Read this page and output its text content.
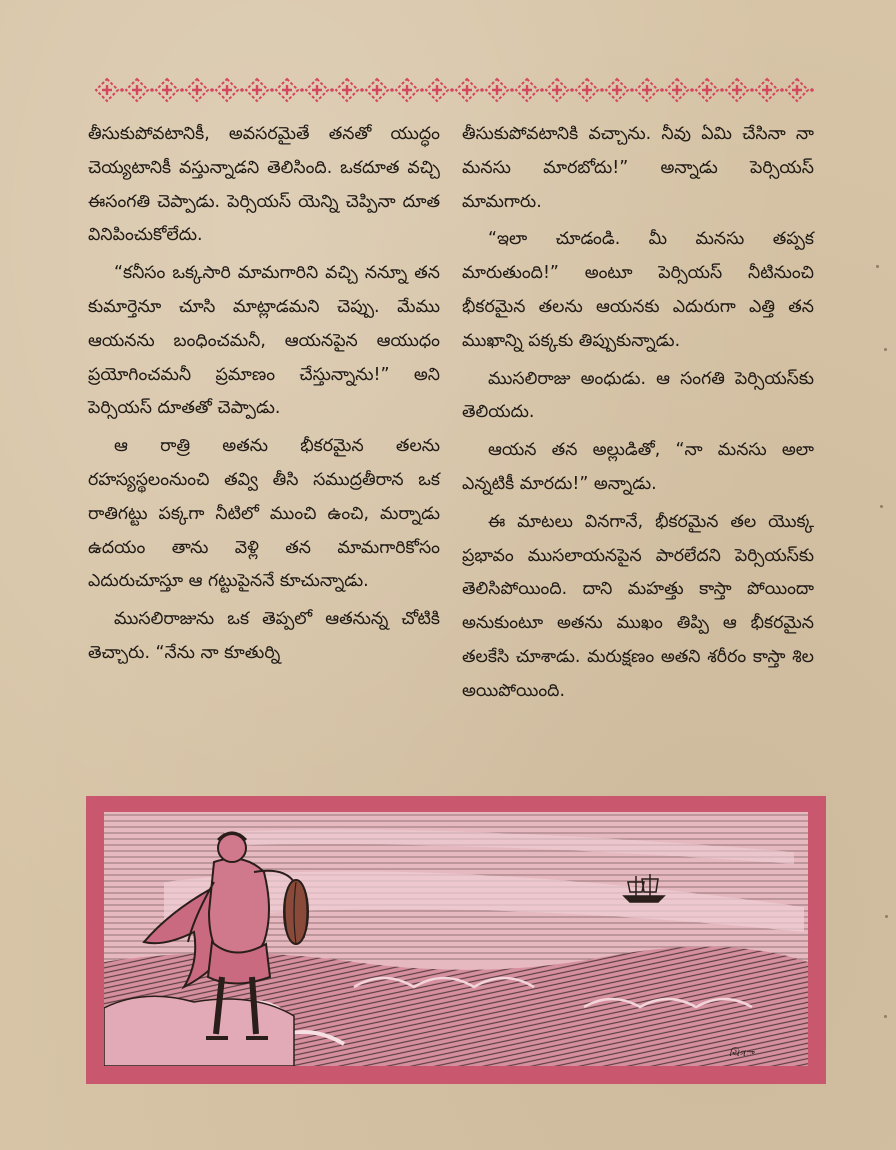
తీసుకుపోవటానికీ, అవసరమైతే తనతో యుద్ధం చెయ్యటానికీ వస్తున్నాడని తెలిసింది. ఒకదూత వచ్చి ఈసంగతి చెప్పాడు. పెర్సియస్ యెన్ని చెప్పినా దూత వినిపించుకోలేదు.

“కనీసం ఒక్కసారి మామగారిని వచ్చి నన్నూ తన కుమార్తెనూ చూసి మాట్లాడమని చెప్పు. మేము ఆయనను బంధించమనీ, ఆయనపైన ఆయుధం ప్రయోగించమనీ ప్రమాణం చేస్తున్నాను!” అని పెర్సియస్ దూతతో చెప్పాడు.

ఆ రాత్రి అతను భీకరమైన తలను రహస్యస్థలంనుంచి తవ్వి తీసి సముద్రతీరాన ఒక రాతిగట్టు పక్కగా నీటిలో ముంచి ఉంచి, మర్నాడు ఉదయం తాను వెళ్లి తన మామగారికోసం ఎదురుచూస్తూ ఆ గట్టుపైననే కూచున్నాడు.

ముసలిరాజును ఒక తెప్పలో ఆతనున్న చోటికి తెచ్చారు. “నేను నా కూతుర్ని

తీసుకుపోవటానికి వచ్చాను. నీవు ఏమి చేసినా నా మనసు మారబోదు!” అన్నాడు పెర్సియస్ మామగారు.

“ఇలా చూడండి. మీ మనసు తప్పక మారుతుంది!” అంటూ పెర్సియస్ నీటినుంచి భీకరమైన తలను ఆయనకు ఎదురుగా ఎత్తి తన ముఖాన్ని పక్కకు తిప్పుకున్నాడు.

ముసలిరాజు అంధుడు. ఆ సంగతి పెర్సియస్‌కు తెలియదు.

ఆయన తన అల్లుడితో, “నా మనసు అలా ఎన్నటికీ మారదు!” అన్నాడు.

ఈ మాటలు వినగానే, భీకరమైన తల యొక్క ప్రభావం ముసలాయనపైన పారలేదని పెర్సియస్‌కు తెలిసిపోయింది. దాని మహత్తు కాస్తా పోయిందా అనుకుంటూ అతను ముఖం తిప్పి ఆ భీకరమైన తలకేసి చూశాడు. మరుక్షణం అతని శరీరం కాస్తా శిల అయిపోయింది.

ચિત્રా
